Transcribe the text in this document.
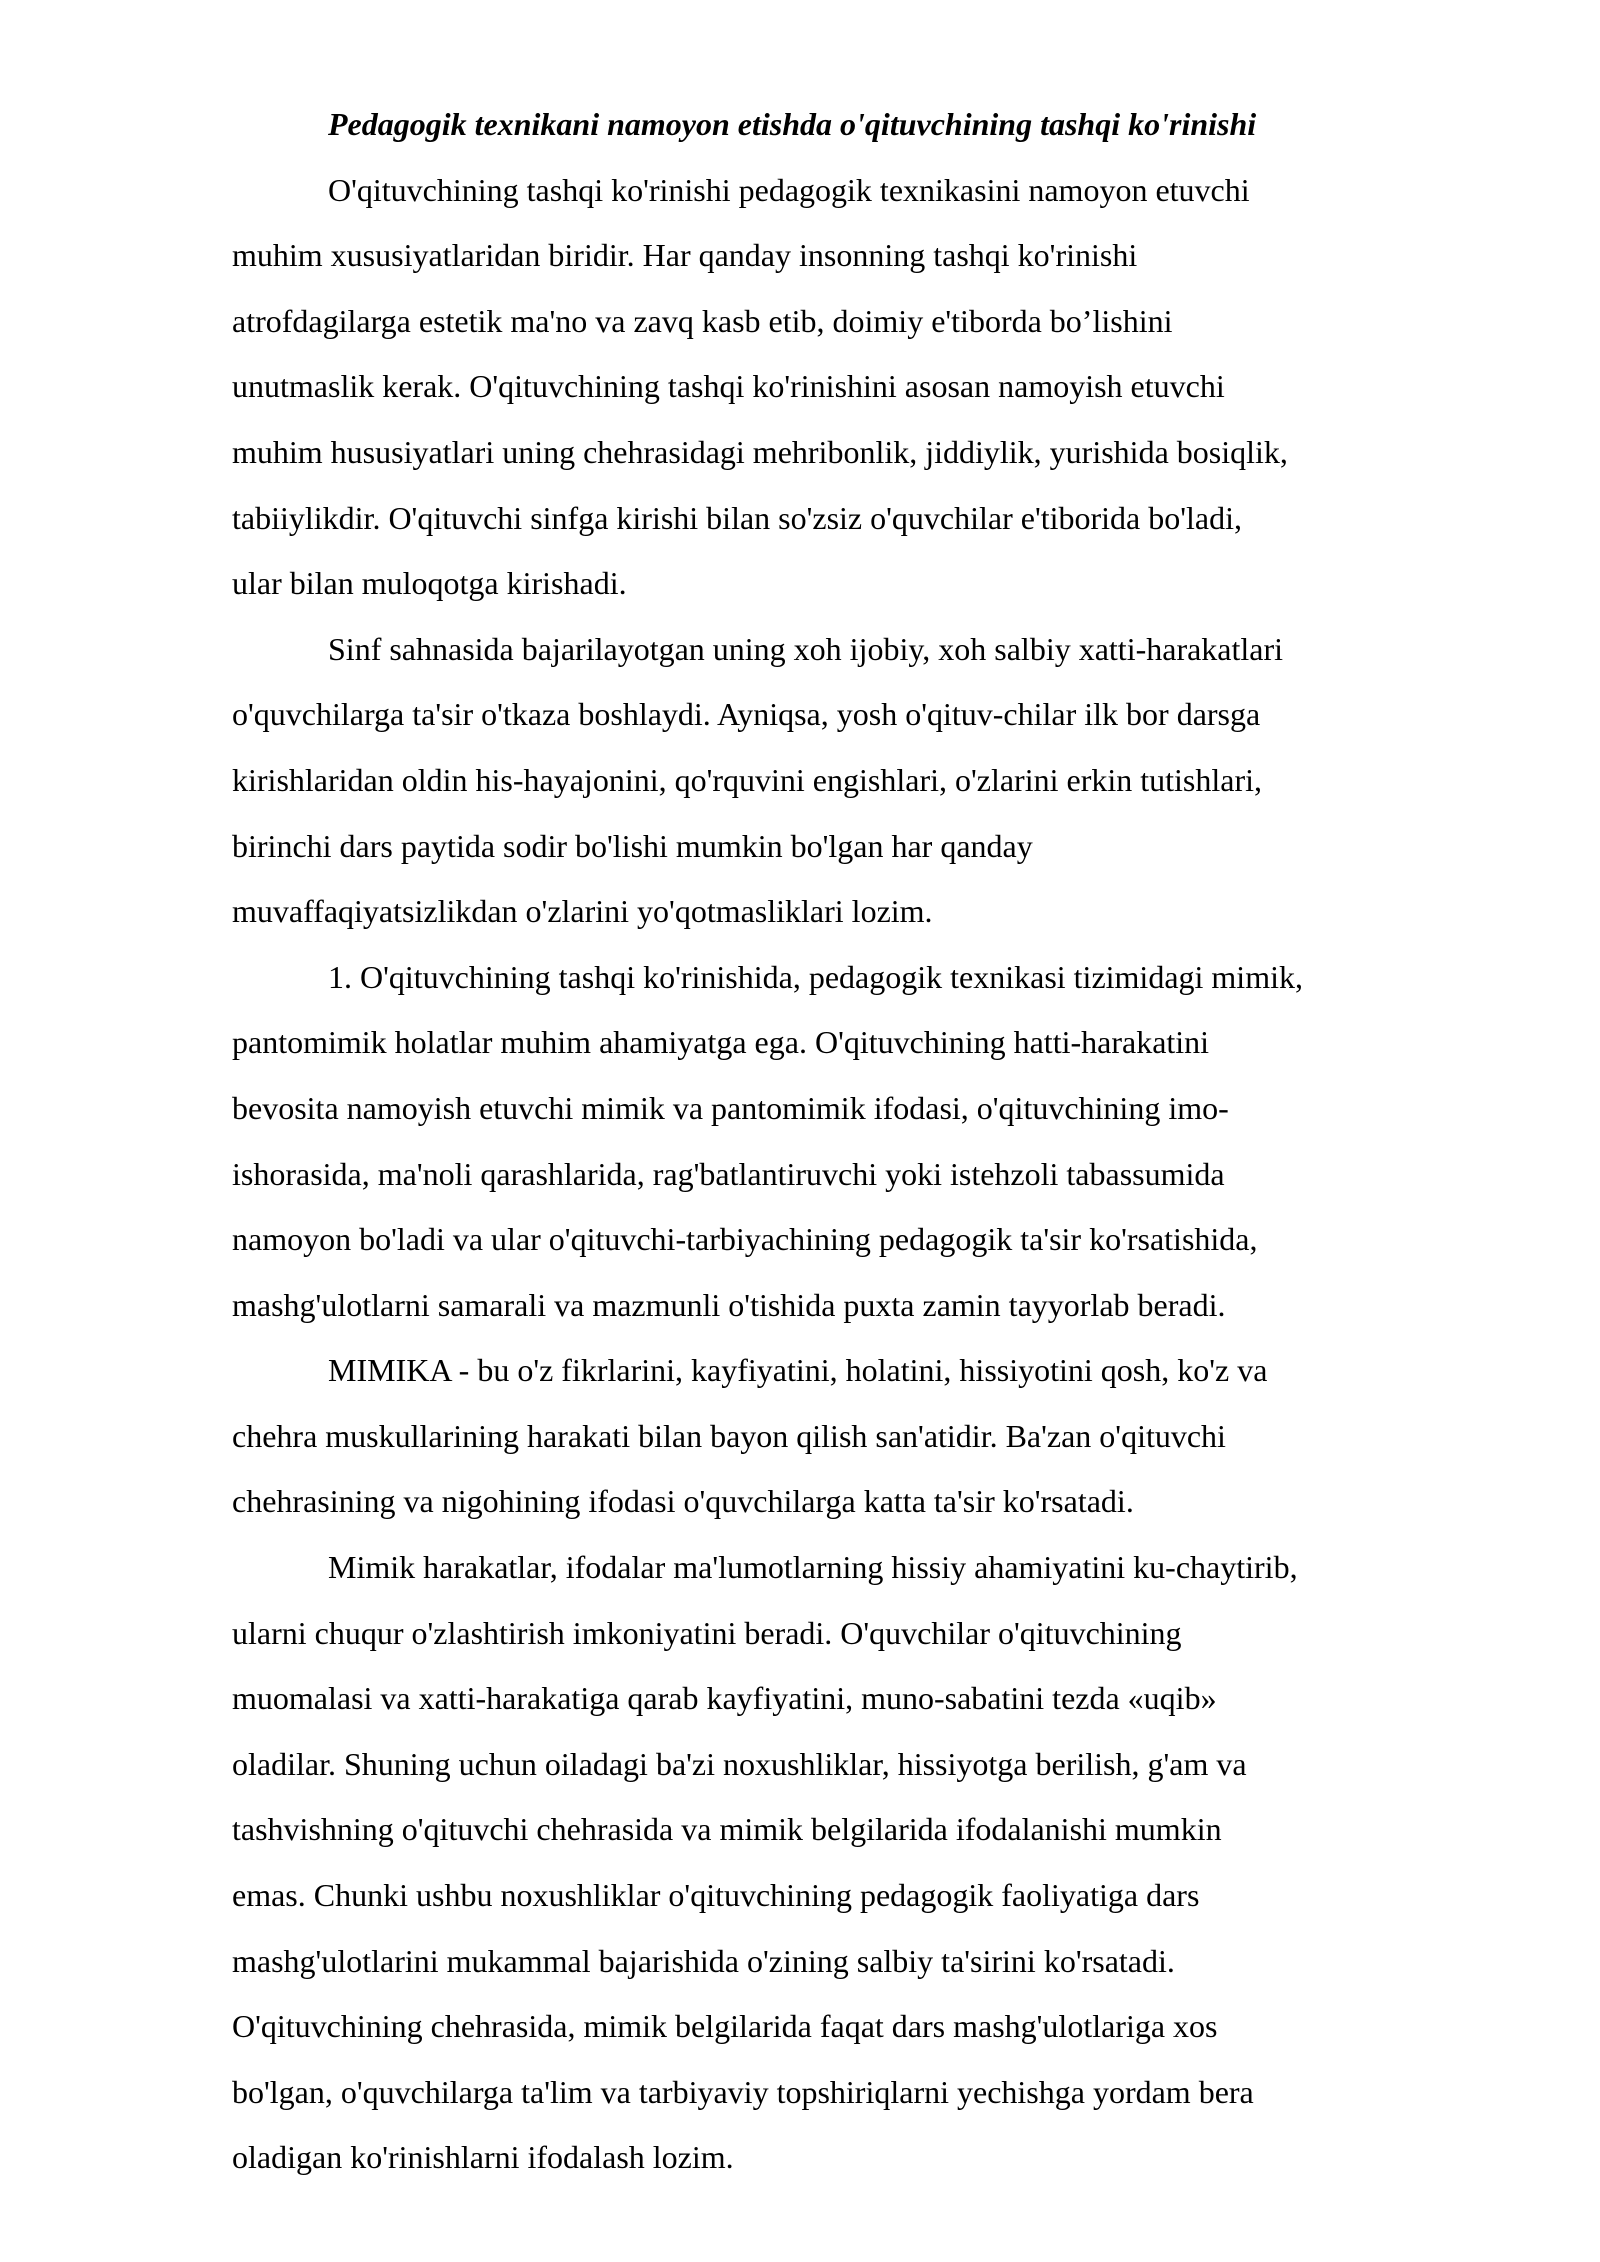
Pedagogik texnikani namoyon etishda o'qituvchining tashqi ko'rinishi

O'qituvchining tashqi ko'rinishi pedagogik texnikasini namoyon etuvchi
muhim xususiyatlaridan biridir. Har qanday insonning tashqi ko'rinishi
atrofdagilarga estetik ma'no va zavq kasb etib, doimiy e'tiborda bo’lishini
unutmaslik kerak. O'qituvchining tashqi ko'rinishini asosan namoyish etuvchi
muhim hususiyatlari uning chehrasidagi mehribonlik, jiddiylik, yurishida bosiqlik,
tabiiylikdir. O'qituvchi sinfga kirishi bilan so'zsiz o'quvchilar e'tiborida bo'ladi,
ular bilan muloqotga kirishadi.

Sinf sahnasida bajarilayotgan uning xoh ijobiy, xoh salbiy xatti-harakatlari
o'quvchilarga ta'sir o'tkaza boshlaydi. Ayniqsa, yosh o'qituv-chilar ilk bor darsga
kirishlaridan oldin his-hayajonini, qo'rquvini engishlari, o'zlarini erkin tutishlari,
birinchi dars paytida sodir bo'lishi mumkin bo'lgan har qanday
muvaffaqiyatsizlikdan o'zlarini yo'qotmasliklari lozim.

1. O'qituvchining tashqi ko'rinishida, pedagogik texnikasi tizimidagi mimik,
pantomimik holatlar muhim ahamiyatga ega. O'qituvchining hatti-harakatini
bevosita namoyish etuvchi mimik va pantomimik ifodasi, o'qituvchining imo-
ishorasida, ma'noli qarashlarida, rag'batlantiruvchi yoki istehzoli tabassumida
namoyon bo'ladi va ular o'qituvchi-tarbiyachining pedagogik ta'sir ko'rsatishida,
mashg'ulotlarni samarali va mazmunli o'tishida puxta zamin tayyorlab beradi.

MIMIKA - bu o'z fikrlarini, kayfiyatini, holatini, hissiyotini qosh, ko'z va
chehra muskullarining harakati bilan bayon qilish san'atidir. Ba'zan o'qituvchi
chehrasining va nigohining ifodasi o'quvchilarga katta ta'sir ko'rsatadi.

Mimik harakatlar, ifodalar ma'lumotlarning hissiy ahamiyatini ku-chaytirib,
ularni chuqur o'zlashtirish imkoniyatini beradi. O'quvchilar o'qituvchining
muomalasi va xatti-harakatiga qarab kayfiyatini, muno-sabatini tezda «uqib»
oladilar. Shuning uchun oiladagi ba'zi noxushliklar, hissiyotga berilish, g'am va
tashvishning o'qituvchi chehrasida va mimik belgilarida ifodalanishi mumkin
emas. Chunki ushbu noxushliklar o'qituvchining pedagogik faoliyatiga dars
mashg'ulotlarini mukammal bajarishida o'zining salbiy ta'sirini ko'rsatadi.
O'qituvchining chehrasida, mimik belgilarida faqat dars mashg'ulotlariga xos
bo'lgan, o'quvchilarga ta'lim va tarbiyaviy topshiriqlarni yechishga yordam bera
oladigan ko'rinishlarni ifodalash lozim.
